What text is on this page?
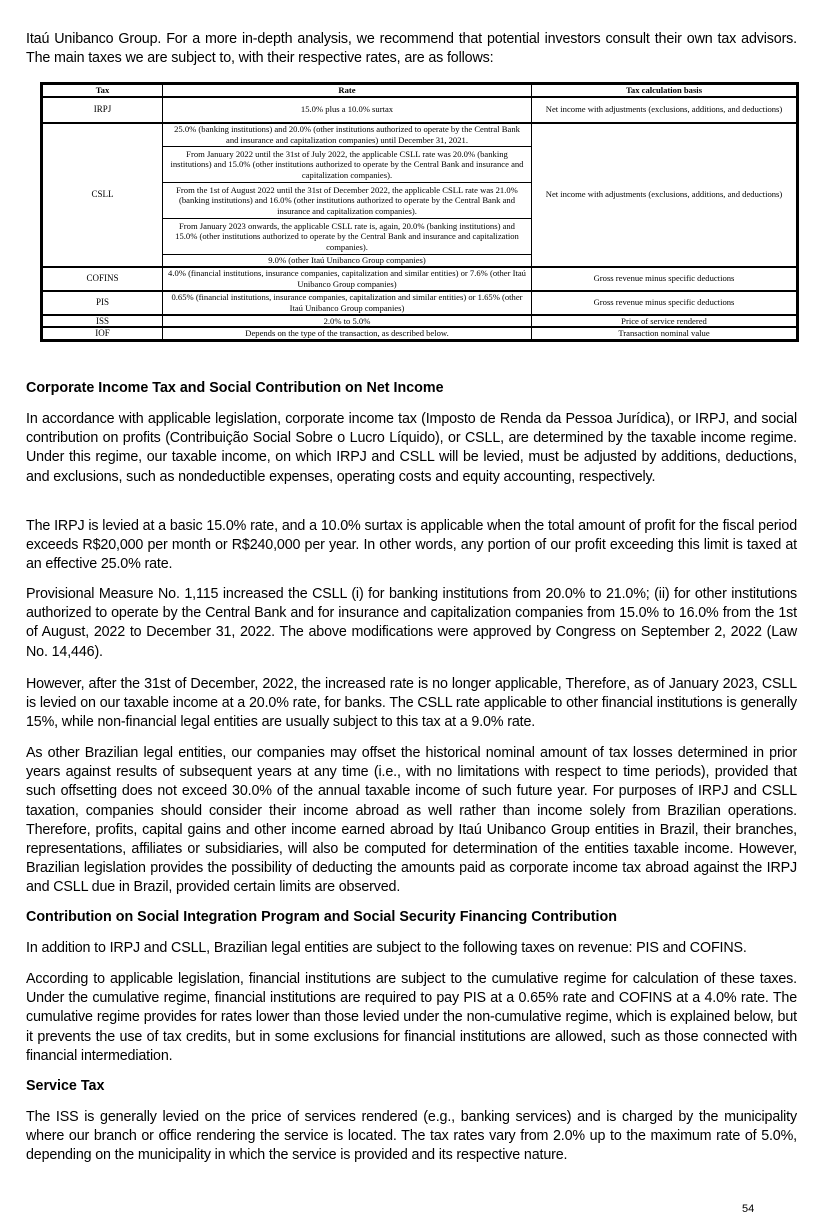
Itaú Unibanco Group. For a more in-depth analysis, we recommend that potential investors consult their own tax advisors. The main taxes we are subject to, with their respective rates, are as follows:

Tax	Rate	Tax calculation basis
IRPJ	15.0% plus a 10.0% surtax	Net income with adjustments (exclusions, additions, and deductions)
CSLL	25.0% (banking institutions) and 20.0% (other institutions authorized to operate by the Central Bank and insurance and capitalization companies) until December 31, 2021.	Net income with adjustments (exclusions, additions, and deductions)
	From January 2022 until the 31st of July 2022, the applicable CSLL rate was 20.0% (banking institutions) and 15.0% (other institutions authorized to operate by the Central Bank and insurance and capitalization companies).	
	From the 1st of August 2022 until the 31st of December 2022, the applicable CSLL rate was 21.0% (banking institutions) and 16.0% (other institutions authorized to operate by the Central Bank and insurance and capitalization companies).	
	From January 2023 onwards, the applicable CSLL rate is, again, 20.0% (banking institutions) and 15.0% (other institutions authorized to operate by the Central Bank and insurance and capitalization companies).	
	9.0% (other Itaú Unibanco Group companies)	
COFINS	4.0% (financial institutions, insurance companies, capitalization and similar entities) or 7.6% (other Itaú Unibanco Group companies)	Gross revenue minus specific deductions
PIS	0.65% (financial institutions, insurance companies, capitalization and similar entities) or 1.65% (other Itaú Unibanco Group companies)	Gross revenue minus specific deductions
ISS	2.0% to 5.0%	Price of service rendered
IOF	Depends on the type of the transaction, as described below.	Transaction nominal value
Corporate Income Tax and Social Contribution on Net Income

In accordance with applicable legislation, corporate income tax (Imposto de Renda da Pessoa Jurídica), or IRPJ, and social contribution on profits (Contribuição Social Sobre o Lucro Líquido), or CSLL, are determined by the taxable income regime. Under this regime, our taxable income, on which IRPJ and CSLL will be levied, must be adjusted by additions, deductions, and exclusions, such as nondeductible expenses, operating costs and equity accounting, respectively.

The IRPJ is levied at a basic 15.0% rate, and a 10.0% surtax is applicable when the total amount of profit for the fiscal period exceeds R$20,000 per month or R$240,000 per year. In other words, any portion of our profit exceeding this limit is taxed at an effective 25.0% rate.

Provisional Measure No. 1,115 increased the CSLL (i) for banking institutions from 20.0% to 21.0%; (ii) for other institutions authorized to operate by the Central Bank and for insurance and capitalization companies from 15.0% to 16.0% from the 1st of August, 2022 to December 31, 2022. The above modifications were approved by Congress on September 2, 2022 (Law No. 14,446).

However, after the 31st of December, 2022, the increased rate is no longer applicable, Therefore, as of January 2023, CSLL is levied on our taxable income at a 20.0% rate, for banks. The CSLL rate applicable to other financial institutions is generally 15%, while non-financial legal entities are usually subject to this tax at a 9.0% rate.

As other Brazilian legal entities, our companies may offset the historical nominal amount of tax losses determined in prior years against results of subsequent years at any time (i.e., with no limitations with respect to time periods), provided that such offsetting does not exceed 30.0% of the annual taxable income of such future year. For purposes of IRPJ and CSLL taxation, companies should consider their income abroad as well rather than income solely from Brazilian operations. Therefore, profits, capital gains and other income earned abroad by Itaú Unibanco Group entities in Brazil, their branches, representations, affiliates or subsidiaries, will also be computed for determination of the entities taxable income. However, Brazilian legislation provides the possibility of deducting the amounts paid as corporate income tax abroad against the IRPJ and CSLL due in Brazil, provided certain limits are observed.

Contribution on Social Integration Program and Social Security Financing Contribution

In addition to IRPJ and CSLL, Brazilian legal entities are subject to the following taxes on revenue: PIS and COFINS.

According to applicable legislation, financial institutions are subject to the cumulative regime for calculation of these taxes. Under the cumulative regime, financial institutions are required to pay PIS at a 0.65% rate and COFINS at a 4.0% rate. The cumulative regime provides for rates lower than those levied under the non-cumulative regime, which is explained below, but it prevents the use of tax credits, but in some exclusions for financial institutions are allowed, such as those connected with financial intermediation.

Service Tax

The ISS is generally levied on the price of services rendered (e.g., banking services) and is charged by the municipality where our branch or office rendering the service is located. The tax rates vary from 2.0% up to the maximum rate of 5.0%, depending on the municipality in which the service is provided and its respective nature.

54
